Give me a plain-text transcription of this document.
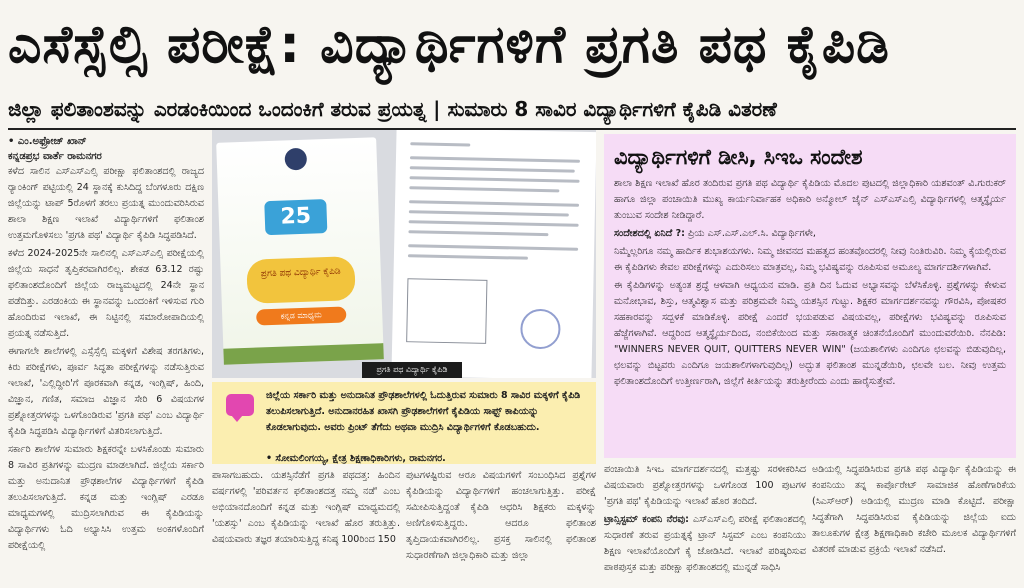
ಎಸೆಸ್ಸೆಲ್ಸಿ ಪರೀಕ್ಷೆ: ವಿದ್ಯಾರ್ಥಿಗಳಿಗೆ ಪ್ರಗತಿ ಪಥ ಕೈಪಿಡಿ
ಜಿಲ್ಲಾ ಫಲಿತಾಂಶವನ್ನು ಎರಡಂಕಿಯಿಂದ ಒಂದಂಕಿಗೆ ತರುವ ಪ್ರಯತ್ನ | ಸುಮಾರು 8 ಸಾವಿರ ವಿದ್ಯಾರ್ಥಿಗಳಿಗೆ ಕೈಪಿಡಿ ವಿತರಣೆ
• ಎಂ.ಅಫ್ರೋಜ್ ಖಾನ್
ಕನ್ನಡಪ್ರಭ ವಾರ್ತೆ ರಾಮನಗರ

ಕಳೆದ ಸಾಲಿನ ಎಸ್ಎಸ್ಎಲ್ಸಿ ಪರೀಕ್ಷಾ ಫಲಿತಾಂಶದಲ್ಲಿ ರಾಜ್ಯದ ರ್‍ಯಾಂಕಿಂಗ್ ಪಟ್ಟಿಯಲ್ಲಿ 24 ಸ್ಥಾನಕ್ಕೆ ಕುಸಿದಿದ್ದ ಬೆಂಗಳೂರು ದಕ್ಷಿಣ ಜಿಲ್ಲೆಯನ್ನು ಟಾಪ್ 5ರೊಳಗೆ ತರಲು ಪ್ರಯತ್ನ ಮುಂದುವರಿಸಿರುವ ಶಾಲಾ ಶಿಕ್ಷಣ ಇಲಾಖೆ ವಿದ್ಯಾರ್ಥಿಗಳಿಗೆ ಫಲಿತಾಂಶ ಉತ್ತಮಗೊಳಿಸಲು 'ಪ್ರಗತಿ ಪಥ' ವಿದ್ಯಾರ್ಥಿ ಕೈಪಿಡಿ ಸಿದ್ಧಪಡಿಸಿದೆ.

ಕಳೆದ 2024-2025ನೇ ಸಾಲಿನಲ್ಲಿ ಎಸ್ಎಸ್ಎಲ್ಸಿ ಪರೀಕ್ಷೆಯಲ್ಲಿ ಜಿಲ್ಲೆಯ ಸಾಧನೆ ತೃಪ್ತಿಕರವಾಗಿರಲಿಲ್ಲ. ಶೇಕಡ 63.12 ರಷ್ಟು ಫಲಿತಾಂಶದೊಂದಿಗೆ ಜಿಲ್ಲೆಯ ರಾಜ್ಯಮಟ್ಟದಲ್ಲಿ 24ನೇ ಸ್ಥಾನ ಪಡೆದಿತ್ತು. ಎರಡಂಕಿಯ ಈ ಸ್ಥಾನವನ್ನು ಒಂದಂಕಿಗೆ ಇಳಿಸುವ ಗುರಿ ಹೊಂದಿರುವ ಇಲಾಖೆ, ಈ ನಿಟ್ಟಿನಲ್ಲಿ ಸಮಾರೋಪಾದಿಯಲ್ಲಿ ಪ್ರಯತ್ನ ನಡೆಸುತ್ತಿದೆ.

ಈಗಾಗಲೇ ಶಾಲೆಗಳಲ್ಲಿ ಎಸ್ಸೆಸ್ಸೆಲ್ಸಿ ಮಕ್ಕಳಿಗೆ ವಿಶೇಷ ತರಗತಿಗಳು, ಕಿರು ಪರೀಕ್ಷೆಗಳು, ಪೂರ್ವ ಸಿದ್ಧತಾ ಪರೀಕ್ಷೆಗಳನ್ನು ನಡೆಸುತ್ತಿರುವ ಇಲಾಖೆ, 'ಎಲ್ಲಿದ್ದೀರಿ'ಗೆ ಪೂರಕವಾಗಿ ಕನ್ನಡ, ಇಂಗ್ಲಿಷ್, ಹಿಂದಿ, ವಿಜ್ಞಾನ, ಗಣಿತ, ಸಮಾಜ ವಿಜ್ಞಾನ ಸೇರಿ 6 ವಿಷಯಗಳ ಪ್ರಶ್ನೋತ್ತರಗಳನ್ನು ಒಳಗೊಂಡಿರುವ 'ಪ್ರಗತಿ ಪಥ' ಎಂಬ ವಿದ್ಯಾರ್ಥಿ ಕೈಪಿಡಿ ಸಿದ್ಧಪಡಿಸಿ ವಿದ್ಯಾರ್ಥಿಗಳಿಗೆ ವಿತರಿಸಲಾಗುತ್ತಿದೆ.

ಸರ್ಕಾರಿ ಶಾಲೆಗಳ ಸುಮಾರು ಶಿಕ್ಷಕರನ್ನೇ ಬಳಸಿಕೊಂಡು ಸುಮಾರು 8 ಸಾವಿರ ಪ್ರತಿಗಳನ್ನು ಮುದ್ರಣ ಮಾಡಲಾಗಿದೆ. ಜಿಲ್ಲೆಯ ಸರ್ಕಾರಿ ಮತ್ತು ಅನುದಾನಿತ ಪ್ರೌಢಶಾಲೆಗಳ ವಿದ್ಯಾರ್ಥಿಗಳಿಗೆ ಕೈಪಿಡಿ ತಲುಪಿಸಲಾಗುತ್ತಿದೆ. ಕನ್ನಡ ಮತ್ತು ಇಂಗ್ಲಿಷ್ ಎರಡೂ ಮಾಧ್ಯಮಗಳಲ್ಲಿ ಮುದ್ರಿಸಲಾಗಿರುವ ಈ ಕೈಪಿಡಿಯನ್ನು ವಿದ್ಯಾರ್ಥಿಗಳು ಓದಿ ಅಭ್ಯಾಸಿಸಿ ಉತ್ತಮ ಅಂಕಗಳೊಂದಿಗೆ ಪರೀಕ್ಷೆಯಲ್ಲಿ

25
ಪ್ರಗತಿ ಪಥ ವಿದ್ಯಾರ್ಥಿ ಕೈಪಿಡಿ
ಕನ್ನಡ ಮಾಧ್ಯಮ
ಪ್ರಗತಿ ಪಥ ವಿದ್ಯಾರ್ಥಿ ಕೈಪಿಡಿ
ಜಿಲ್ಲೆಯ ಸರ್ಕಾರಿ ಮತ್ತು ಅನುದಾನಿತ ಪ್ರೌಢಶಾಲೆಗಳಲ್ಲಿ ಓದುತ್ತಿರುವ ಸುಮಾರು 8 ಸಾವಿರ ಮಕ್ಕಳಿಗೆ ಕೈಪಿಡಿ ತಲುಪಿಸಲಾಗುತ್ತಿದೆ. ಅನುದಾನರಹಿತ ಖಾಸಗಿ ಪ್ರೌಢಶಾಲೆಗಳಿಗೆ ಕೈಪಿಡಿಯ ಸಾಫ್ಟ್ ಕಾಪಿಯನ್ನು ಕೊಡಲಾಗುವುದು. ಅವರು ಪ್ರಿಂಟ್ ತೆಗೆದು ಅಥವಾ ಮುದ್ರಿಸಿ ವಿದ್ಯಾರ್ಥಿಗಳಿಗೆ ಕೊಡಬಹುದು.
• ಸೋಮಲಿಂಗಯ್ಯ, ಕ್ಷೇತ್ರ ಶಿಕ್ಷಣಾಧಿಕಾರಿಗಳು, ರಾಮನಗರ.
ವಿದ್ಯಾರ್ಥಿಗಳಿಗೆ ಡೀಸಿ, ಸಿಇಒ ಸಂದೇಶ

ಶಾಲಾ ಶಿಕ್ಷಣ ಇಲಾಖೆ ಹೊರ ತಂದಿರುವ ಪ್ರಗತಿ ಪಥ ವಿದ್ಯಾರ್ಥಿ ಕೈಪಿಡಿಯ ಮೊದಲ ಪುಟದಲ್ಲಿ ಜಿಲ್ಲಾಧಿಕಾರಿ ಯಶವಂತ್ ವಿ.ಗುರುಕರ್ ಹಾಗೂ ಜಿಲ್ಲಾ ಪಂಚಾಯಿತಿ ಮುಖ್ಯ ಕಾರ್ಯನಿರ್ವಾಹಕ ಅಧಿಕಾರಿ ಅನ್ಮೋಲ್ ಜೈನ್ ಎಸ್ಎಸ್ಎಲ್ಸಿ ವಿದ್ಯಾರ್ಥಿಗಳಲ್ಲಿ ಆತ್ಮಸ್ಥೈರ್ಯ ತುಂಬುವ ಸಂದೇಶ ನೀಡಿದ್ದಾರೆ.

ಸಂದೇಶದಲ್ಲಿ ಏನಿದೆ ?: ಪ್ರಿಯ ಎಸ್.ಎಸ್.ಎಲ್.ಸಿ. ವಿದ್ಯಾರ್ಥಿಗಳೇ,

ನಿಮ್ಮೆಲ್ಲರಿಗೂ ನಮ್ಮ ಹಾರ್ದಿಕ ಶುಭಾಶಯಗಳು. ನಿಮ್ಮ ಜೀವನದ ಮಹತ್ವದ ಹಂತವೊಂದರಲ್ಲಿ ನೀವು ನಿಂತಿರುವಿರಿ. ನಿಮ್ಮ ಕೈಯಲ್ಲಿರುವ ಈ ಕೈಪಿಡಿಗಳು ಕೇವಲ ಪರೀಕ್ಷೆಗಳನ್ನು ಎದುರಿಸಲು ಮಾತ್ರವಲ್ಲ, ನಿಮ್ಮ ಭವಿಷ್ಯವನ್ನು ರೂಪಿಸುವ ಅಮೂಲ್ಯ ಮಾರ್ಗದರ್ಶಿಗಳಾಗಿವೆ.

ಈ ಕೈಪಿಡಿಗಳನ್ನು ಅತ್ಯಂತ ಶ್ರದ್ಧೆ ಆಳವಾಗಿ ಆಧ್ಯಯನ ಮಾಡಿ. ಪ್ರತಿ ದಿನ ಓದುವ ಅಭ್ಯಾಸವನ್ನು ಬೆಳೆಸಿಕೊಳ್ಳಿ. ಪ್ರಶ್ನೆಗಳನ್ನು ಕೇಳುವ ಮನೋಭಾವ, ಶಿಸ್ತು, ಆತ್ಮವಿಶ್ವಾಸ ಮತ್ತು ಪರಿಶ್ರಮವೇ ನಿಮ್ಮ ಯಶಸ್ಸಿನ ಗುಟ್ಟು. ಶಿಕ್ಷಕರ ಮಾರ್ಗದರ್ಶನವನ್ನು ಗೌರವಿಸಿ, ಪೋಷಕರ ಸಹಕಾರವನ್ನು ಸದ್ಬಳಕೆ ಮಾಡಿಕೊಳ್ಳಿ. ಪರೀಕ್ಷೆ ಎಂದರೆ ಭಯಪಡುವ ವಿಷಯವಲ್ಲ, ಪರೀಕ್ಷೆಗಳು ಭವಿಷ್ಯವನ್ನು ರೂಪಿಸುವ ಹೆಜ್ಜೆಗಳಾಗಿವೆ. ಆದ್ದರಿಂದ ಆತ್ಮಸ್ಥೈರ್ಯದಿಂದ, ನಂಬಿಕೆಯಿಂದ ಮತ್ತು ಸಕಾರಾತ್ಮಕ ಚಿಂತನೆಯೊಂದಿಗೆ ಮುಂದುವರೆಯಿರಿ. ನೆನಪಿಡಿ: "WINNERS NEVER QUIT, QUITTERS NEVER WIN" (ಜಯಶಾಲಿಗಳು ಎಂದಿಗೂ ಛಲವನ್ನು ಬಿಡುವುದಿಲ್ಲ, ಛಲವನ್ನು ಬಿಟ್ಟವರು ಎಂದಿಗೂ ಜಯಶಾಲಿಗಳಾಗುವುದಿಲ್ಲ) ಅದ್ಭುತ ಫಲಿತಾಂಶ ಮುನ್ನಡೆಯಿರಿ, ಛಲವೇ ಬಲ. ನೀವು ಉತ್ತಮ ಫಲಿತಾಂಶದೊಂದಿಗೆ ಉತ್ತೀರ್ಣರಾಗಿ, ಜಿಲ್ಲೆಗೆ ಕೀರ್ತಿಯನ್ನು ತರುತ್ತೀರೆಂದು ಎಂದು ಹಾರೈಸುತ್ತೇವೆ.

ಪಾಸಾಗಬಹುದು. ಯಶಸ್ಸಿನೆಡೆಗೆ ಪ್ರಗತಿ ಪಥದತ್ತ: ಹಿಂದಿನ ವರ್ಷಗಳಲ್ಲಿ 'ಪರಿವರ್ತನ ಫಲಿತಾಂಶದತ್ತ ನಮ್ಮ ನಡೆ' ಎಂಬ ಅಭಿಯಾನದೊಂದಿಗೆ ಕನ್ನಡ ಮತ್ತು ಇಂಗ್ಲಿಷ್ ಮಾಧ್ಯಮದಲ್ಲಿ 'ಯಶಸ್ಸು' ಎಂಬ ಕೈಪಿಡಿಯನ್ನು ಇಲಾಖೆ ಹೊರ ತರುತ್ತಿತ್ತು. ವಿಷಯವಾರು ತಜ್ಞರ ತಯಾರಿಸುತ್ತಿದ್ದ ಕನಿಷ್ಠ 100ರಿಂದ 150
ಪುಟಗಳಷ್ಟಿರುವ ಆರೂ ವಿಷಯಗಳಿಗೆ ಸಂಬಂಧಿಸಿದ ಪ್ರಶ್ನೆಗಳ ಕೈಪಿಡಿಯನ್ನು ವಿದ್ಯಾರ್ಥಿಗಳಿಗೆ ಹಂಚಲಾಗುತ್ತಿತ್ತು. ಪರೀಕ್ಷೆ ಸಮೀಪಿಸುತ್ತಿದ್ದಂತೆ ಕೈಪಿಡಿ ಆಧರಿಸಿ ಶಿಕ್ಷಕರು ಮಕ್ಕಳನ್ನು ಅಣಿಗೊಳಿಸುತ್ತಿದ್ದರು. ಆದರೂ ಫಲಿತಾಂಶ ತೃಪ್ತಿದಾಯಕವಾಗಿರಲಿಲ್ಲ. ಪ್ರಸಕ್ತ ಸಾಲಿನಲ್ಲಿ ಫಲಿತಾಂಶ ಸುಧಾರಣೆಗಾಗಿ ಜಿಲ್ಲಾಧಿಕಾರಿ ಮತ್ತು ಜಿಲ್ಲಾ

ಪಂಚಾಯಿತಿ ಸಿಇಒ ಮಾರ್ಗದರ್ಶನದಲ್ಲಿ ಮತ್ತಷ್ಟು ಸರಳೀಕರಿಸಿದ ವಿಷಯವಾರು ಪ್ರಶ್ನೋತ್ತರಗಳನ್ನು ಒಳಗೊಂಡ 100 ಪುಟಗಳ 'ಪ್ರಗತಿ ಪಥ' ಕೈಪಿಡಿಯನ್ನು ಇಲಾಖೆ ಹೊರ ತಂದಿದೆ.

ಟ್ರಾನ್ಸಿಸ್ಟಮ್ ಕಂಪನಿ ನೆರವು: ಎಸ್ಎಸ್ಎಲ್ಸಿ ಪರೀಕ್ಷೆ ಫಲಿತಾಂಶದಲ್ಲಿ ಸುಧಾರಣೆ ತರುವ ಪ್ರಯತ್ನಕ್ಕೆ ಟ್ರಾನ್ ಸಿಸ್ಟಮ್ ಎಂಬ ಕಂಪನಿಯು ಶಿಕ್ಷಣ ಇಲಾಖೆಯೊಂದಿಗೆ ಕೈ ಜೋಡಿಸಿದೆ. ಇಲಾಖೆ ಪರಿಷ್ಕರಿಸುವ ಪಾಠಪುಸ್ತಕ ಮತ್ತು ಪರೀಕ್ಷಾ ಫಲಿತಾಂಶದಲ್ಲಿ ಮುನ್ನಡೆ ಸಾಧಿಸಿ

ಅಡಿಯಲ್ಲಿ ಸಿದ್ಧಪಡಿಸಿರುವ ಪ್ರಗತಿ ಪಥ ವಿದ್ಯಾರ್ಥಿ ಕೈಪಿಡಿಯನ್ನು ಈ ಕಂಪನಿಯು ತನ್ನ ಕಾರ್ಪೊರೇಟ್ ಸಾಮಾಜಿಕ ಹೊಣೆಗಾರಿಕೆಯ (ಸಿಎಸ್ಆರ್) ಅಡಿಯಲ್ಲಿ ಮುದ್ರಣ ಮಾಡಿ ಕೊಟ್ಟಿದೆ. ಪರೀಕ್ಷಾ ಸಿದ್ಧತೆಗಾಗಿ ಸಿದ್ಧಪಡಿಸಿರುವ ಕೈಪಿಡಿಯನ್ನು ಜಿಲ್ಲೆಯ ಐದು ತಾಲೂಕುಗಳ ಕ್ಷೇತ್ರ ಶಿಕ್ಷಣಾಧಿಕಾರಿ ಕಚೇರಿ ಮೂಲಕ ವಿದ್ಯಾರ್ಥಿಗಳಿಗೆ ವಿತರಣೆ ಮಾಡುವ ಪ್ರಕ್ರಿಯೆ ಇಲಾಖೆ ನಡೆಸಿದೆ.
